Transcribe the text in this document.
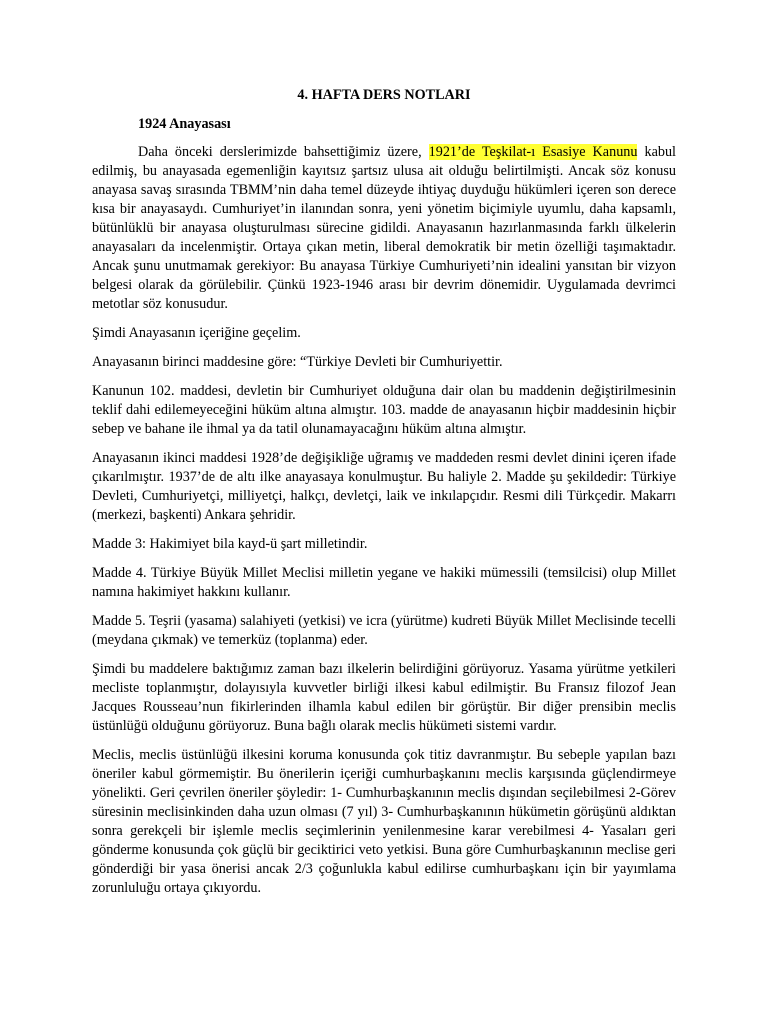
4. HAFTA DERS NOTLARI
1924 Anayasası

Daha önceki derslerimizde bahsettiğimiz üzere, 1921’de Teşkilat-ı Esasiye Kanunu kabul edilmiş, bu anayasada egemenliğin kayıtsız şartsız ulusa ait olduğu belirtilmişti. Ancak söz konusu anayasa savaş sırasında TBMM’nin daha temel düzeyde ihtiyaç duyduğu hükümleri içeren son derece kısa bir anayasaydı. Cumhuriyet’in ilanından sonra, yeni yönetim biçimiyle uyumlu, daha kapsamlı, bütünlüklü bir anayasa oluşturulması sürecine gidildi. Anayasanın hazırlanmasında farklı ülkelerin anayasaları da incelenmiştir. Ortaya çıkan metin, liberal demokratik bir metin özelliği taşımaktadır. Ancak şunu unutmamak gerekiyor: Bu anayasa Türkiye Cumhuriyeti’nin idealini yansıtan bir vizyon belgesi olarak da görülebilir. Çünkü 1923-1946 arası bir devrim dönemidir. Uygulamada devrimci metotlar söz konusudur.

Şimdi Anayasanın içeriğine geçelim.

Anayasanın birinci maddesine göre: “Türkiye Devleti bir Cumhuriyettir.

Kanunun 102. maddesi, devletin bir Cumhuriyet olduğuna dair olan bu maddenin değiştirilmesinin teklif dahi edilemeyeceğini hüküm altına almıştır. 103. madde de anayasanın hiçbir maddesinin hiçbir sebep ve bahane ile ihmal ya da tatil olunamayacağını hüküm altına almıştır.

Anayasanın ikinci maddesi 1928’de değişikliğe uğramış ve maddeden resmi devlet dinini içeren ifade çıkarılmıştır. 1937’de de altı ilke anayasaya konulmuştur. Bu haliyle 2. Madde şu şekildedir: Türkiye Devleti, Cumhuriyetçi, milliyetçi, halkçı, devletçi, laik ve inkılapçıdır. Resmi dili Türkçedir. Makarrı (merkezi, başkenti) Ankara şehridir.

Madde 3: Hakimiyet bila kayd-ü şart milletindir.

Madde 4. Türkiye Büyük Millet Meclisi milletin yegane ve hakiki mümessili (temsilcisi) olup Millet namına hakimiyet hakkını kullanır.

Madde 5. Teşrii (yasama) salahiyeti (yetkisi) ve icra (yürütme) kudreti Büyük Millet Meclisinde tecelli (meydana çıkmak) ve temerküz (toplanma) eder.

Şimdi bu maddelere baktığımız zaman bazı ilkelerin belirdiğini görüyoruz. Yasama yürütme yetkileri mecliste toplanmıştır, dolayısıyla kuvvetler birliği ilkesi kabul edilmiştir. Bu Fransız filozof Jean Jacques Rousseau’nun fikirlerinden ilhamla kabul edilen bir görüştür. Bir diğer prensibin meclis üstünlüğü olduğunu görüyoruz. Buna bağlı olarak meclis hükümeti sistemi vardır.

Meclis, meclis üstünlüğü ilkesini koruma konusunda çok titiz davranmıştır. Bu sebeple yapılan bazı öneriler kabul görmemiştir. Bu önerilerin içeriği cumhurbaşkanını meclis karşısında güçlendirmeye yönelikti. Geri çevrilen öneriler şöyledir: 1- Cumhurbaşkanının meclis dışından seçilebilmesi 2-Görev süresinin meclisinkinden daha uzun olması (7 yıl) 3- Cumhurbaşkanının hükümetin görüşünü aldıktan sonra gerekçeli bir işlemle meclis seçimlerinin yenilenmesine karar verebilmesi 4- Yasaları geri gönderme konusunda çok güçlü bir geciktirici veto yetkisi. Buna göre Cumhurbaşkanının meclise geri gönderdiği bir yasa önerisi ancak 2/3 çoğunlukla kabul edilirse cumhurbaşkanı için bir yayımlama zorunluluğu ortaya çıkıyordu.
